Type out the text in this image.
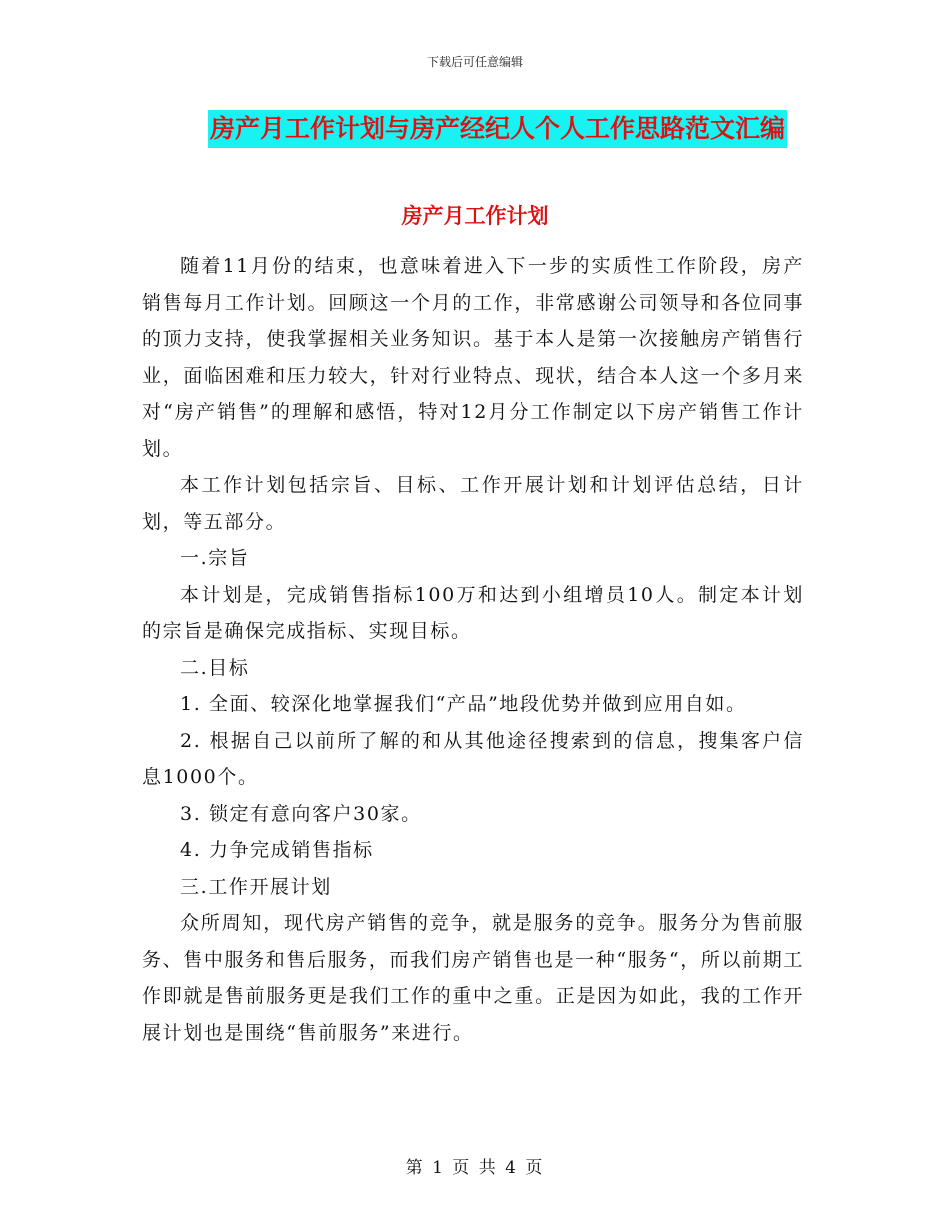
下载后可任意编辑
房产月工作计划与房产经纪人个人工作思路范文汇编
房产月工作计划

随着11月份的结束，也意味着进入下一步的实质性工作阶段，房产销售每月工作计划。回顾这一个月的工作，非常感谢公司领导和各位同事的顶力支持，使我掌握相关业务知识。基于本人是第一次接触房产销售行业，面临困难和压力较大，针对行业特点、现状，结合本人这一个多月来对“房产销售”的理解和感悟，特对12月分工作制定以下房产销售工作计划。

本工作计划包括宗旨、目标、工作开展计划和计划评估总结，日计划，等五部分。

一.宗旨

本计划是，完成销售指标100万和达到小组增员10人。制定本计划的宗旨是确保完成指标、实现目标。

二.目标

1. 全面、较深化地掌握我们“产品”地段优势并做到应用自如。

2. 根据自己以前所了解的和从其他途径搜索到的信息，搜集客户信息1000个。

3. 锁定有意向客户30家。

4. 力争完成销售指标

三.工作开展计划

众所周知，现代房产销售的竞争，就是服务的竞争。服务分为售前服务、售中服务和售后服务，而我们房产销售也是一种“服务“，所以前期工作即就是售前服务更是我们工作的重中之重。正是因为如此，我的工作开展计划也是围绕“售前服务”来进行。

第 1 页 共 4 页
